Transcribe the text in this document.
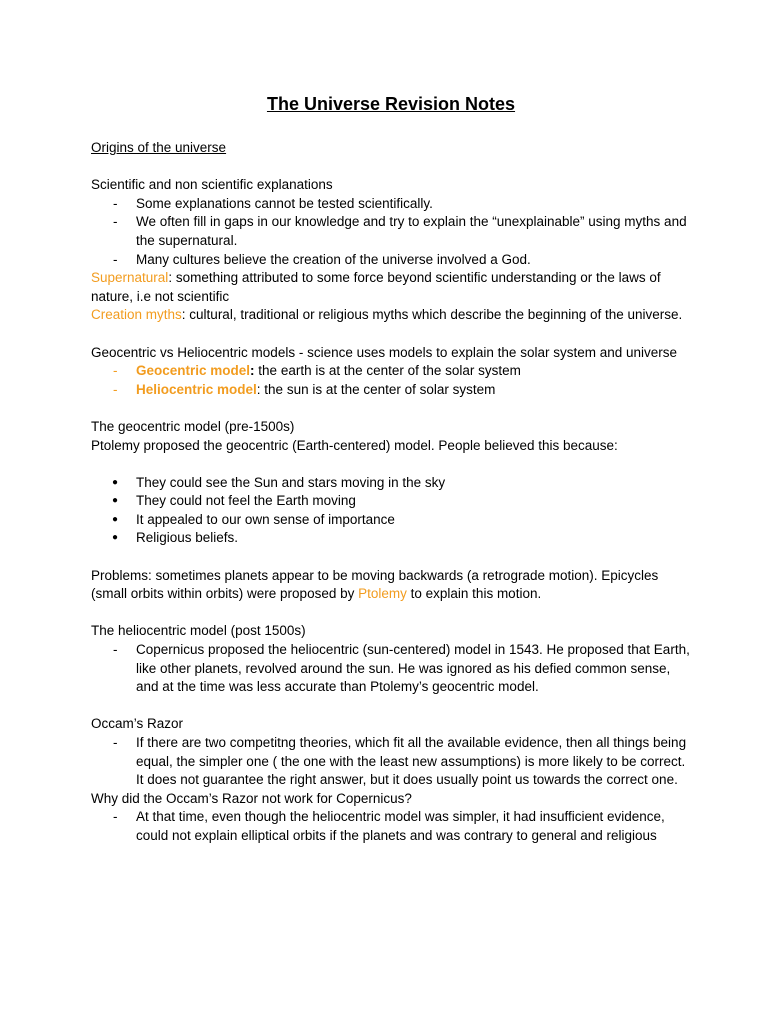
The Universe Revision Notes

Origins of the universe

Scientific and non scientific explanations

- Some explanations cannot be tested scientifically.
- We often fill in gaps in our knowledge and try to explain the “unexplainable” using myths and the supernatural.
- Many cultures believe the creation of the universe involved a God.

Supernatural: something attributed to some force beyond scientific understanding or the laws of nature, i.e not scientific

Creation myths: cultural, traditional or religious myths which describe the beginning of the universe.

Geocentric vs Heliocentric models - science uses models to explain the solar system and universe

- Geocentric model: the earth is at the center of the solar system
- Heliocentric model: the sun is at the center of solar system

The geocentric model (pre-1500s)

Ptolemy proposed the geocentric (Earth-centered) model. People believed this because:

● They could see the Sun and stars moving in the sky
● They could not feel the Earth moving
● It appealed to our own sense of importance
● Religious beliefs.

Problems: sometimes planets appear to be moving backwards (a retrograde motion). Epicycles (small orbits within orbits) were proposed by Ptolemy to explain this motion.

The heliocentric model (post 1500s)

- Copernicus proposed the heliocentric (sun-centered) model in 1543. He proposed that Earth, like other planets, revolved around the sun. He was ignored as his defied common sense, and at the time was less accurate than Ptolemy’s geocentric model.

Occam’s Razor

- If there are two competitng theories, which fit all the available evidence, then all things being equal, the simpler one ( the one with the least new assumptions) is more likely to be correct. It does not guarantee the right answer, but it does usually point us towards the correct one.

Why did the Occam’s Razor not work for Copernicus?

- At that time, even though the heliocentric model was simpler, it had insufficient evidence,
could not explain elliptical orbits if the planets and was contrary to general and religious
